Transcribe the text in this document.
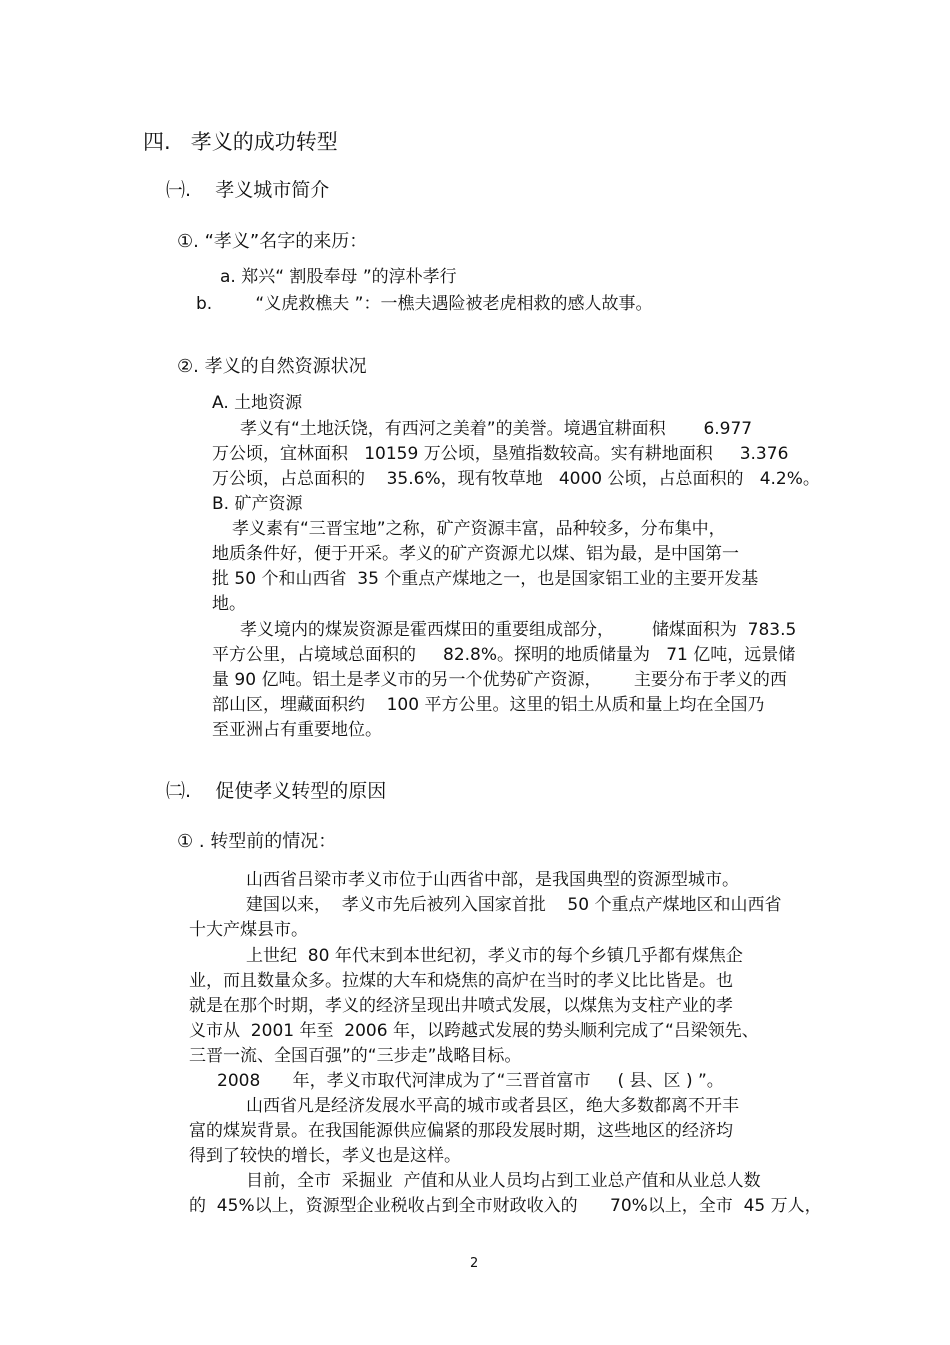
四.   孝义的成功转型
㈠.    孝义城市简介
①. “孝义”名字的来历：
a. 郑兴“ 割股奉母 ”的淳朴孝行
b.        “义虎救樵夫 ”：一樵夫遇险被老虎相救的感人故事。
②. 孝义的自然资源状况
A. 土地资源
孝义有“土地沃饶，有西河之美着”的美誉。境遇宜耕面积       6.977
万公顷，宜林面积   10159 万公顷，垦殖指数较高。实有耕地面积     3.376
万公顷，占总面积的    35.6%，现有牧草地   4000 公顷，占总面积的   4.2%。
B. 矿产资源
孝义素有“三晋宝地”之称，矿产资源丰富，品种较多，分布集中，
地质条件好，便于开采。孝义的矿产资源尤以煤、铝为最，是中国第一
批 50 个和山西省  35 个重点产煤地之一，也是国家铝工业的主要开发基
地。
孝义境内的煤炭资源是霍西煤田的重要组成部分，       储煤面积为  783.5
平方公里，占境域总面积的     82.8%。探明的地质储量为   71 亿吨，远景储
量 90 亿吨。铝土是孝义市的另一个优势矿产资源，      主要分布于孝义的西
部山区，埋藏面积约    100 平方公里。这里的铝土从质和量上均在全国乃
至亚洲占有重要地位。
㈡.    促使孝义转型的原因
① . 转型前的情况：
山西省吕梁市孝义市位于山西省中部，是我国典型的资源型城市。
建国以来，  孝义市先后被列入国家首批    50 个重点产煤地区和山西省
十大产煤县市。
上世纪  80 年代末到本世纪初，孝义市的每个乡镇几乎都有煤焦企
业，而且数量众多。拉煤的大车和烧焦的高炉在当时的孝义比比皆是。也
就是在那个时期，孝义的经济呈现出井喷式发展，以煤焦为支柱产业的孝
义市从  2001 年至  2006 年，以跨越式发展的势头顺利完成了“吕梁领先、
三晋一流、全国百强”的“三步走”战略目标。
2008      年，孝义市取代河津成为了“三晋首富市     ( 县、区 ) ”。
山西省凡是经济发展水平高的城市或者县区，绝大多数都离不开丰
富的煤炭背景。在我国能源供应偏紧的那段发展时期，这些地区的经济均
得到了较快的增长，孝义也是这样。
目前，全市  采掘业  产值和从业人员均占到工业总产值和从业总人数
的  45%以上，资源型企业税收占到全市财政收入的      70%以上，全市  45 万人，
2
